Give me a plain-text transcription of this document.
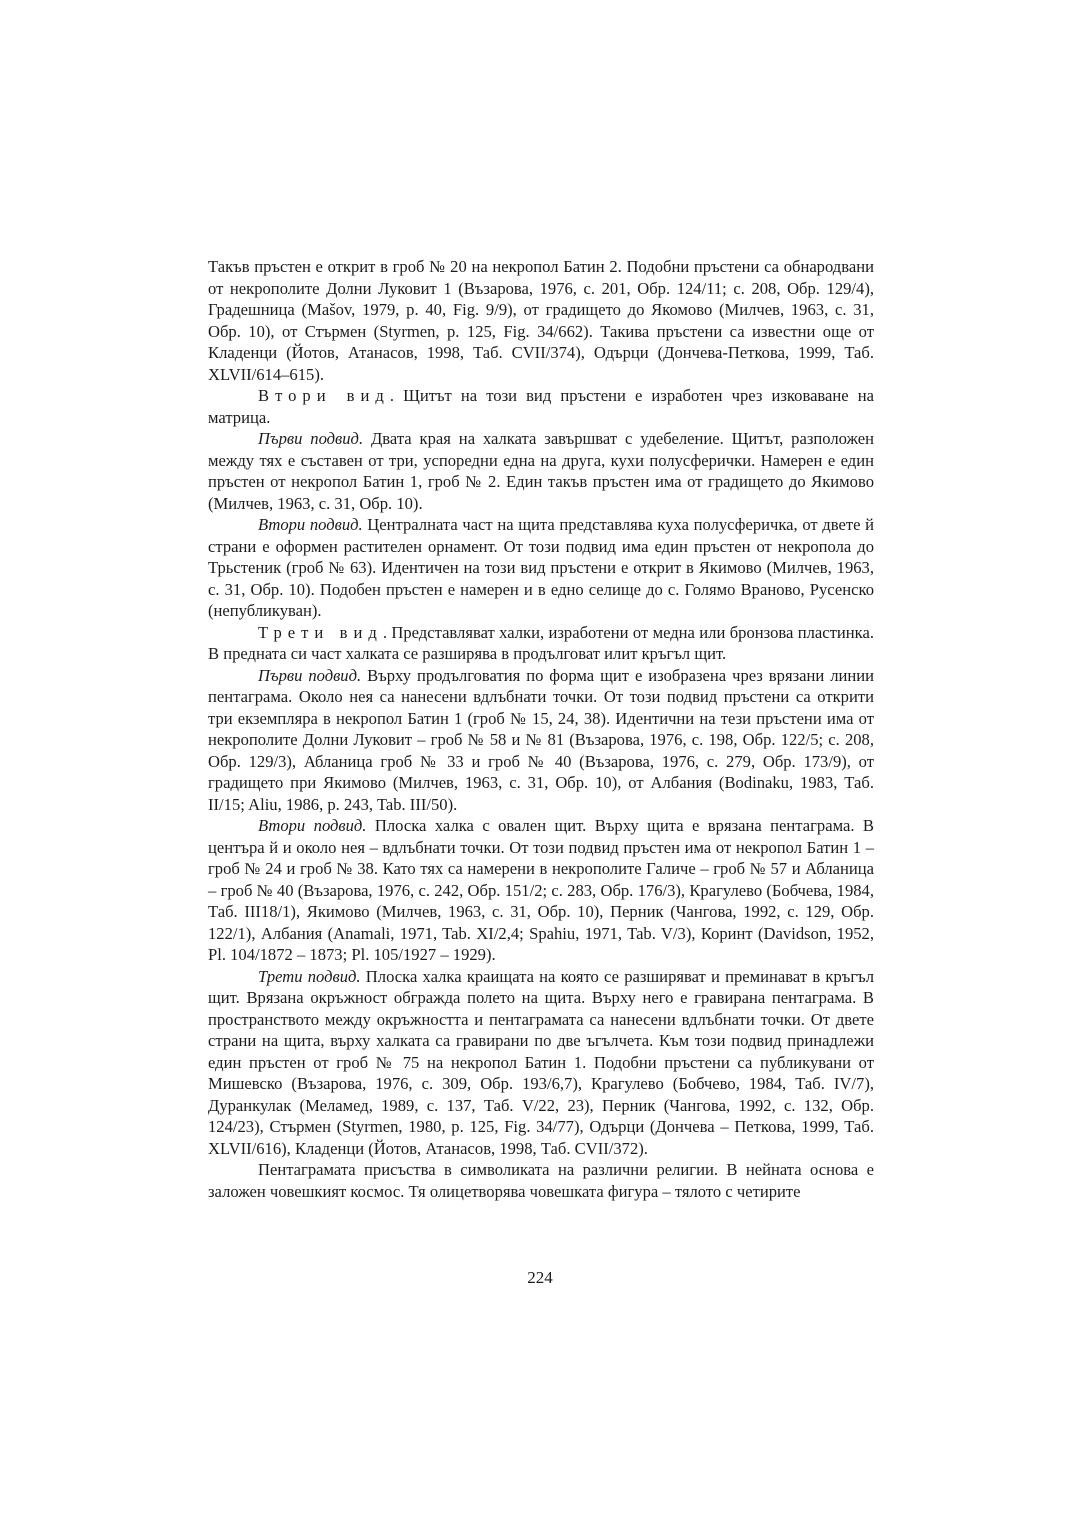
Такъв пръстен е открит в гроб № 20 на некропол Батин 2. Подобни пръстени са обнародвани от некрополите Долни Луковит 1 (Възарова, 1976, с. 201, Обр. 124/11; с. 208, Обр. 129/4), Градешница (Mašov, 1979, p. 40, Fig. 9/9), от градището до Якомово (Милчев, 1963, с. 31, Обр. 10), от Стърмен (Styrmen, p. 125, Fig. 34/662). Такива пръстени са известни още от Кладенци (Йотов, Атанасов, 1998, Таб. CVII/374), Одърци (Дончева-Петкова, 1999, Таб. XLVII/614–615).

Втори вид. Щитът на този вид пръстени е изработен чрез изковаване на матрица.

Първи подвид. Двата края на халката завършват с удебеление. Щитът, разположен между тях е съставен от три, успоредни една на друга, кухи полусферички. Намерен е един пръстен от некропол Батин 1, гроб № 2. Един такъв пръстен има от градището до Якимово (Милчев, 1963, с. 31, Обр. 10).

Втори подвид. Централната част на щита представлява куха полусферичка, от двете й страни е оформен растителен орнамент. От този подвид има един пръстен от некропола до Трьстеник (гроб № 63). Идентичен на този вид пръстени е открит в Якимово (Милчев, 1963, с. 31, Обр. 10). Подобен пръстен е намерен и в едно селище до с. Голямо Враново, Русенско (непубликуван).

Трети вид. Представляват халки, изработени от медна или бронзова пластинка. В предната си част халката се разширява в продълговат илит кръгъл щит.

Първи подвид. Върху продълговатия по форма щит е изобразена чрез врязани линии пентаграма. Около нея са нанесени вдлъбнати точки. От този подвид пръстени са открити три екземпляра в некропол Батин 1 (гроб № 15, 24, 38). Идентични на тези пръстени има от некрополите Долни Луковит – гроб № 58 и № 81 (Възарова, 1976, с. 198, Обр. 122/5; с. 208, Обр. 129/3), Абланица гроб № 33 и гроб № 40 (Възарова, 1976, с. 279, Обр. 173/9), от градището при Якимово (Милчев, 1963, с. 31, Обр. 10), от Албания (Bodinaku, 1983, Таб. II/15; Aliu, 1986, p. 243, Tab. III/50).

Втори подвид. Плоска халка с овален щит. Върху щита е врязана пентаграма. В центъра й и около нея – вдлъбнати точки. От този подвид пръстен има от некропол Батин 1 – гроб № 24 и гроб № 38. Като тях са намерени в некрополите Галиче – гроб № 57 и Абланица – гроб № 40 (Възарова, 1976, с. 242, Обр. 151/2; с. 283, Обр. 176/3), Крагулево (Бобчева, 1984, Таб. III18/1), Якимово (Милчев, 1963, с. 31, Обр. 10), Перник (Чангова, 1992, с. 129, Обр. 122/1), Албания (Anamali, 1971, Tab. XI/2,4; Spahiu, 1971, Tab. V/3), Коринт (Davidson, 1952, Pl. 104/1872 – 1873; Pl. 105/1927 – 1929).

Трети подвид. Плоска халка краищата на която се разширяват и преминават в кръгъл щит. Врязана окръжност обгражда полето на щита. Върху него е гравирана пентаграма. В пространството между окръжността и пентаграмата са нанесени вдлъбнати точки. От двете страни на щита, върху халката са гравирани по две ъгълчета. Към този подвид принадлежи един пръстен от гроб № 75 на некропол Батин 1. Подобни пръстени са публикувани от Мишевско (Възарова, 1976, с. 309, Обр. 193/6,7), Крагулево (Бобчево, 1984, Таб. IV/7), Дуранкулак (Меламед, 1989, с. 137, Таб. V/22, 23), Перник (Чангова, 1992, с. 132, Обр. 124/23), Стърмен (Styrmen, 1980, p. 125, Fig. 34/77), Одърци (Дончева – Петкова, 1999, Таб. XLVII/616), Кладенци (Йотов, Атанасов, 1998, Таб. CVII/372).

Пентаграмата присъства в символиката на различни религии. В нейната основа е заложен човешкият космос. Тя олицетворява човешката фигура – тялото с четирите

224
